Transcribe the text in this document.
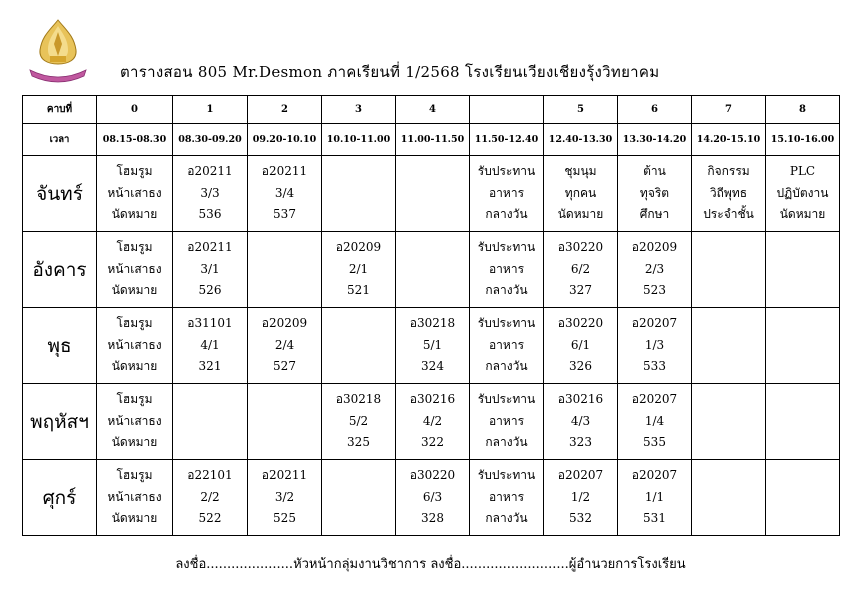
ตารางสอน 805 Mr.Desmon ภาคเรียนที่ 1/2568 โรงเรียนเวียงเชียงรุ้งวิทยาคม
คาบที่	0	1	2	3	4		5	6	7	8
เวลา	08.15-08.30	08.30-09.20	09.20-10.10	10.10-11.00	11.00-11.50	11.50-12.40	12.40-13.30	13.30-14.20	14.20-15.10	15.10-16.00
จันทร์	โฮมรูม
หน้าเสาธง
นัดหมาย	อ20211
3/3
536	อ20211
3/4
537			รับประทาน
อาหาร
กลางวัน	ชุมนุม
ทุกคน
นัดหมาย	ต้าน
ทุจริต
ศึกษา	กิจกรรม
วิถีพุทธ
ประจำชั้น	PLC
ปฏิบัตงาน
นัดหมาย

อังคาร	โฮมรูม
หน้าเสาธง
นัดหมาย	อ20211
3/1
526		อ20209
2/1
521		รับประทาน
อาหาร
กลางวัน	อ30220
6/2
327	อ20209
2/3
523		

พุธ	โฮมรูม
หน้าเสาธง
นัดหมาย	อ31101
4/1
321	อ20209
2/4
527		อ30218
5/1
324	รับประทาน
อาหาร
กลางวัน	อ30220
6/1
326	อ20207
1/3
533		

พฤหัสฯ	โฮมรูม
หน้าเสาธง
นัดหมาย			อ30218
5/2
325	อ30216
4/2
322	รับประทาน
อาหาร
กลางวัน	อ30216
4/3
323	อ20207
1/4
535		

ศุกร์	โฮมรูม
หน้าเสาธง
นัดหมาย	อ22101
2/2
522	อ20211
3/2
525		อ30220
6/3
328	รับประทาน
อาหาร
กลางวัน	อ20207
1/2
532	อ20207
1/1
531		

ลงชื่อ.....................หัวหน้ากลุ่มงานวิชาการ ลงชื่อ..........................ผู้อำนวยการโรงเรียน
